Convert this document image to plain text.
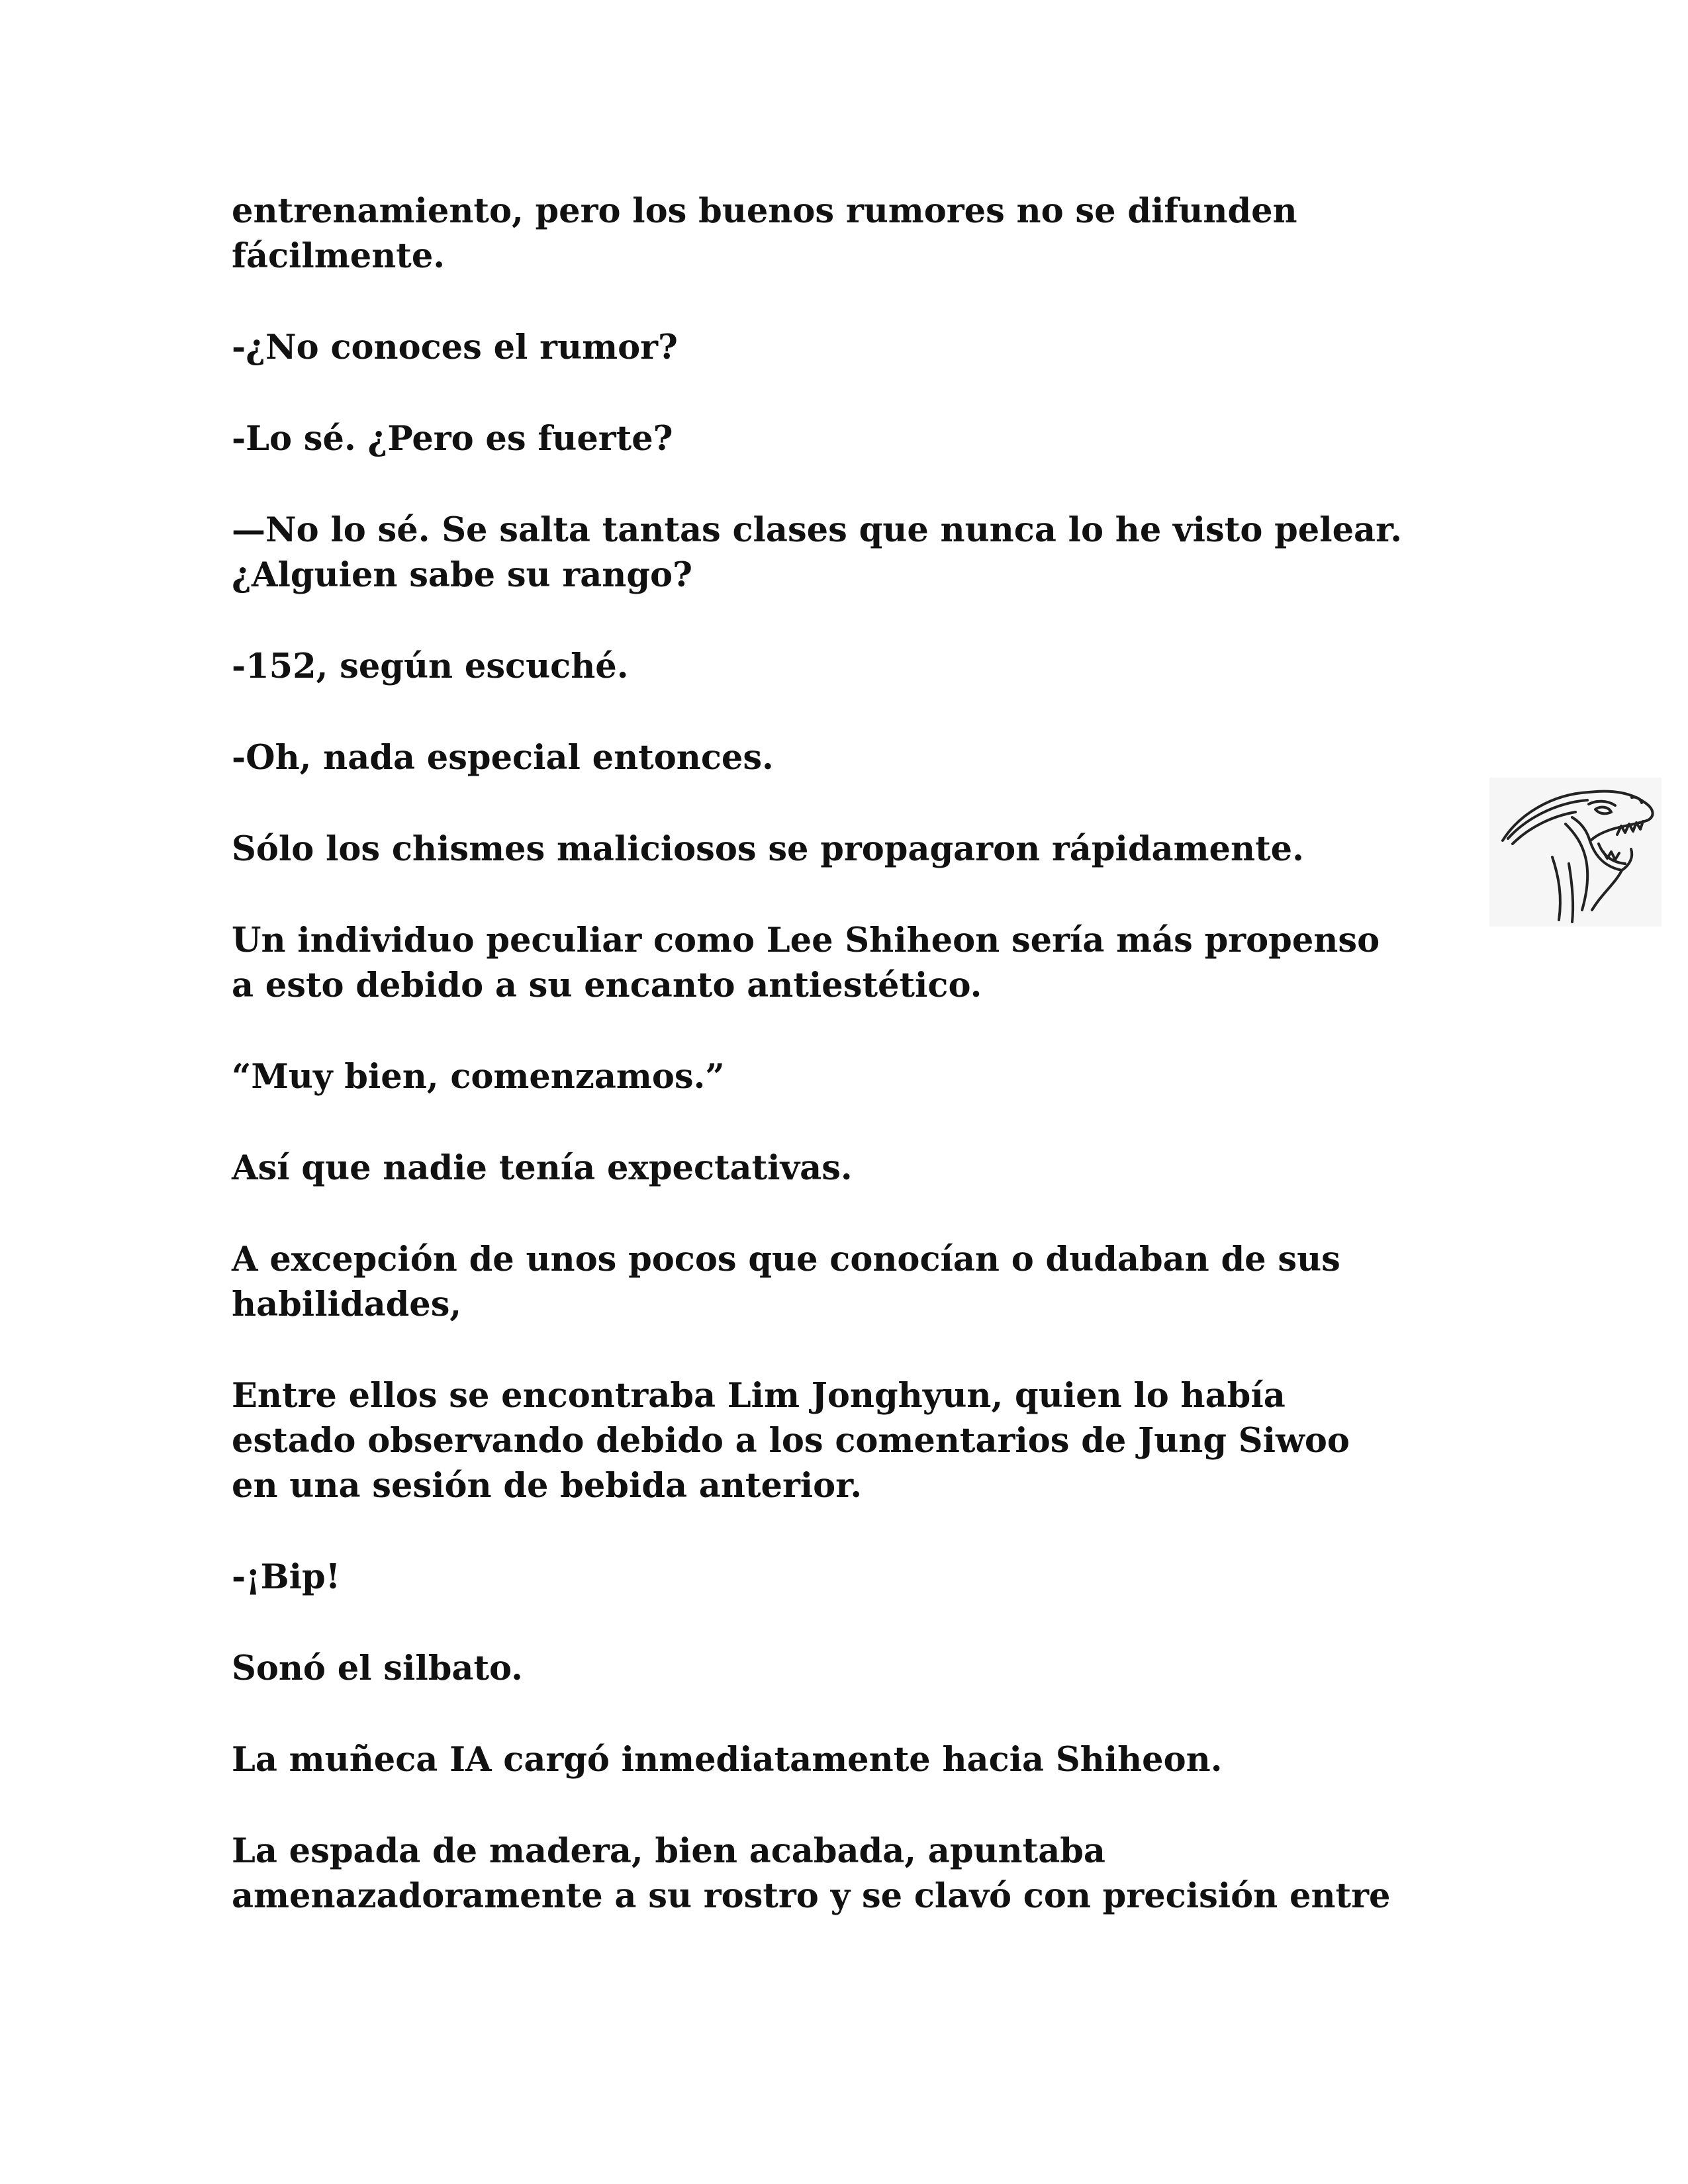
entrenamiento, pero los buenos rumores no se difunden
fácilmente.

-¿No conoces el rumor?

-Lo sé. ¿Pero es fuerte?

—No lo sé. Se salta tantas clases que nunca lo he visto pelear.
¿Alguien sabe su rango?

-152, según escuché.

-Oh, nada especial entonces.

Sólo los chismes maliciosos se propagaron rápidamente.

Un individuo peculiar como Lee Shiheon sería más propenso
a esto debido a su encanto antiestético.

“Muy bien, comenzamos.”

Así que nadie tenía expectativas.

A excepción de unos pocos que conocían o dudaban de sus
habilidades,

Entre ellos se encontraba Lim Jonghyun, quien lo había
estado observando debido a los comentarios de Jung Siwoo
en una sesión de bebida anterior.

-¡Bip!

Sonó el silbato.

La muñeca IA cargó inmediatamente hacia Shiheon.

La espada de madera, bien acabada, apuntaba
amenazadoramente a su rostro y se clavó con precisión entre
